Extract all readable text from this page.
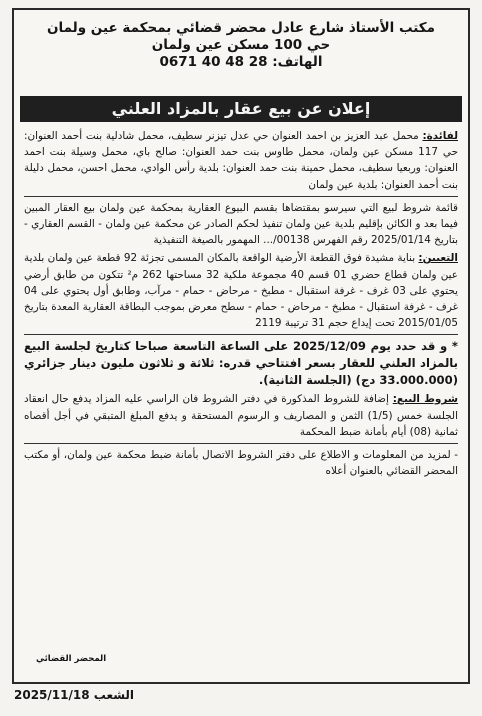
مكتب الأستاذ شارع عادل محضر قضائي بمحكمة عين ولمان
حي 100 مسكن عين ولمان
الهاتف: 0671 40 48 28
إعلان عن بيع عقار بالمزاد العلني

لفائدة: محمل عبد العزيز بن احمد العنوان حي عدل تيزنر سطيف، محمل شادلية بنت أحمد العنوان: حي 117 مسكن عين ولمان، محمل طاوس بنت حمد العنوان: صالح باي، محمل وسيلة بنت احمد العنوان: وربعيا سطيف، محمل حمينة بنت حمد العنوان: بلدية رأس الوادي، محمل احسن، محمل دليلة بنت أحمد العنوان: بلدية عين ولمان

قائمة شروط لبيع التي سيرسو بمقتضاها بقسم البيوع العقارية بمحكمة عين ولمان بيع العقار المبين فيما بعد و الكائن بإقليم بلدية عين ولمان تنفيذ لحكم الصادر عن محكمة عين ولمان - القسم العقاري - بتاريخ 2025/01/14 رقم الفهرس 00138/... المهمور بالصيغة التنفيذية

التعيين: بناية مشيدة فوق القطعة الأرضية الواقعة بالمكان المسمى تجزئة 92 قطعة عين ولمان بلدية عين ولمان قطاع حضري 01 قسم 40 مجموعة ملكية 32 مساحتها 262 م² تتكون من طابق أرضي يحتوي على 03 غرف - غرفة استقبال - مطبخ - مرحاض - حمام - مرآب، وطابق أول يحتوي على 04 غرف - غرفة استقبال - مطبخ - مرحاض - حمام - سطح معرض بموجب البطاقة العقارية المعدة بتاريخ 2015/01/05 تحت إيداع حجم 31 ترتيبة 2119

* و قد حدد يوم 2025/12/09 على الساعة التاسعة صباحا كتاريخ لجلسة البيع بالمزاد العلني للعقار بسعر افتتاحي قدره: ثلاثة و ثلاثون مليون دينار جزائري (33.000.000 دج) (الجلسة الثانية).

شروط البيع: إضافة للشروط المذكورة في دفتر الشروط فان الراسي عليه المزاد يدفع حال انعقاد الجلسة خمس (1/5) الثمن و المصاريف و الرسوم المستحقة و يدفع المبلغ المتبقي في أجل أقصاه ثمانية (08) أيام بأمانة ضبط المحكمة

- لمزيد من المعلومات و الاطلاع على دفتر الشروط الاتصال بأمانة ضبط محكمة عين ولمان، أو مكتب المحضر القضائي بالعنوان أعلاه

المحضر القضائي
الشعب 2025/11/18
